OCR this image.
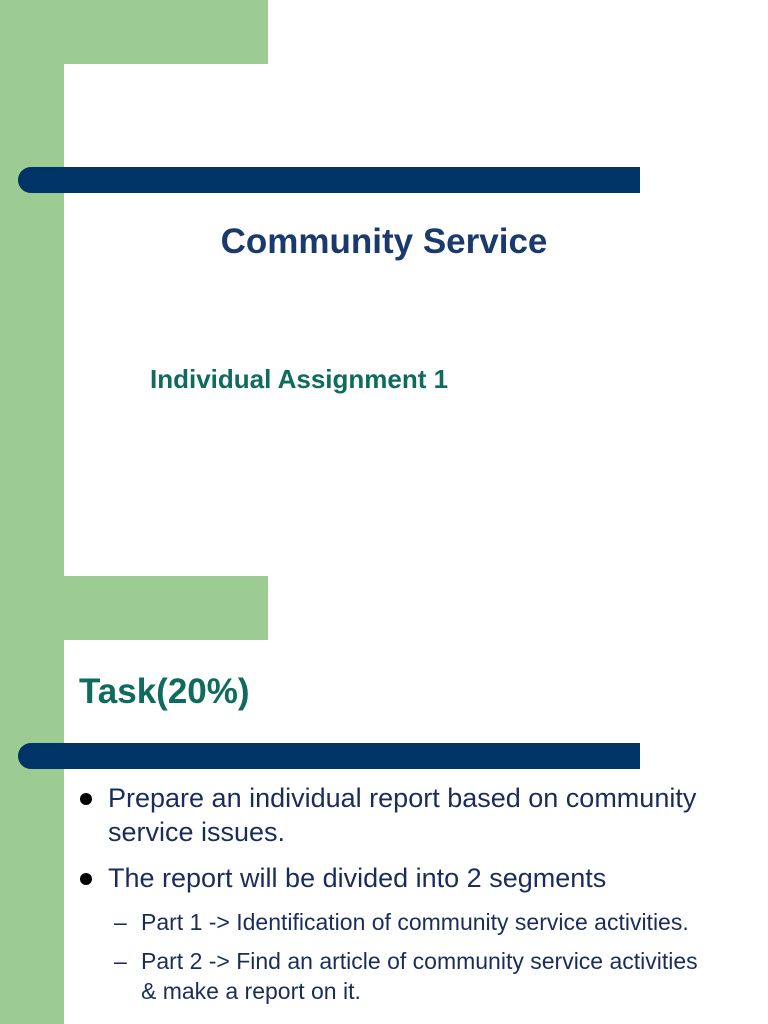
Community Service
Individual Assignment 1
Task(20%)
Prepare an individual report based on community service issues.
The report will be divided into 2 segments
– Part 1 -> Identification of community service activities.
– Part 2 -> Find an article of community service activities & make a report on it.
